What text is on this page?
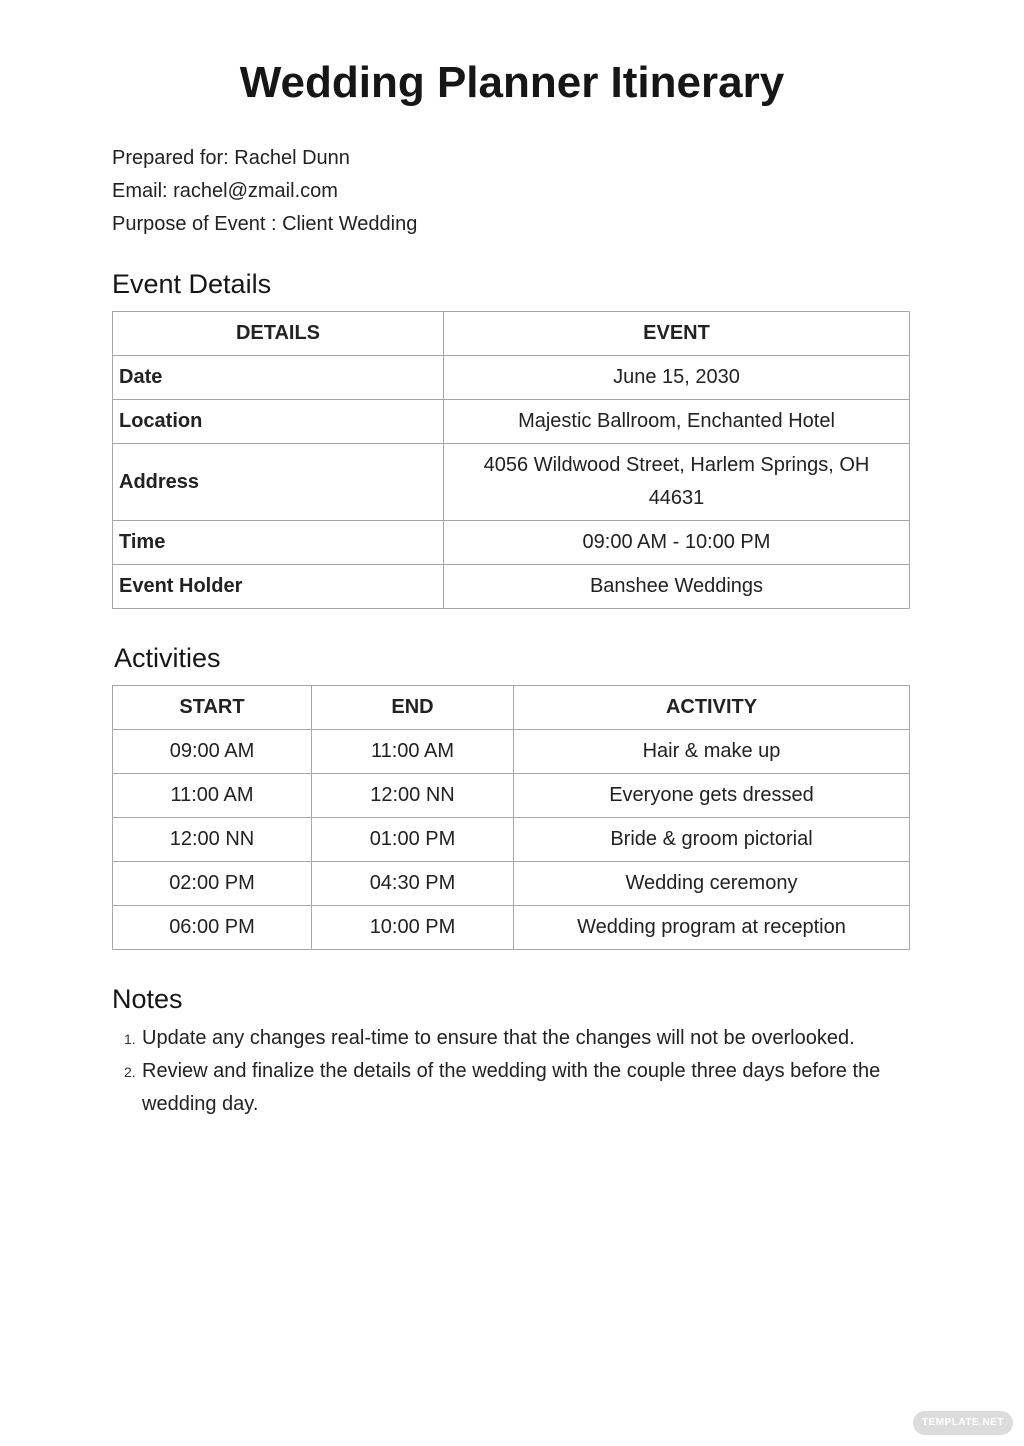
Wedding Planner Itinerary
Prepared for: Rachel Dunn
Email: rachel@zmail.com
Purpose of Event : Client Wedding
Event Details
DETAILS	EVENT
Date	June 15, 2030
Location	Majestic Ballroom, Enchanted Hotel
Address	4056 Wildwood Street, Harlem Springs, OH 44631
Time	09:00 AM - 10:00 PM
Event Holder	Banshee Weddings
Activities
START	END	ACTIVITY
09:00 AM	11:00 AM	Hair & make up
11:00 AM	12:00 NN	Everyone gets dressed
12:00 NN	01:00 PM	Bride & groom pictorial
02:00 PM	04:30 PM	Wedding ceremony
06:00 PM	10:00 PM	Wedding program at reception
Notes
1. Update any changes real-time to ensure that the changes will not be overlooked.
2. Review and finalize the details of the wedding with the couple three days before the wedding day.
TEMPLATE.NET
